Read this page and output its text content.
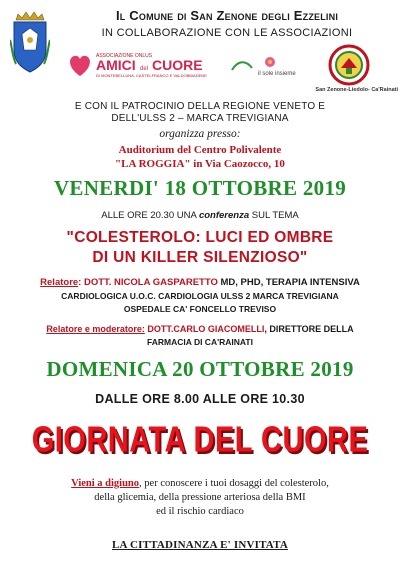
Il Comune di San Zenone degli Ezzelini
IN COLLABORAZIONE CON LE ASSOCIAZIONI
ASSOCIAZIONE ONLUS
AMICI del CUORE
DI MONTEBELLUNA, CASTELFRANCO E VALDOBBIADENE	il sole insieme
San Zenone-Liedolo- Ca'Rainati
E CON IL PATROCINIO DELLA REGIONE VENETO E
DELL'ULSS 2 – MARCA TREVIGIANA
organizza presso:
Auditorium del Centro Polivalente
"LA ROGGIA" in Via Caozocco, 10
VENERDI' 18 OTTOBRE 2019
ALLE ORE 20.30 UNA conferenza SUL TEMA
"COLESTEROLO: LUCI ED OMBRE
DI UN KILLER SILENZIOSO"
Relatore: DOTT. NICOLA GASPARETTO MD, PHD, TERAPIA INTENSIVA
CARDIOLOGICA U.O.C. CARDIOLOGIA ULSS 2 MARCA TREVIGIANA
OSPEDALE CA' FONCELLO TREVISO
Relatore e moderatore: DOTT.CARLO GIACOMELLI, DIRETTORE DELLA
FARMACIA DI CA'RAINATI
DOMENICA 20 OTTOBRE 2019
DALLE ORE 8.00 ALLE ORE 10.30
GIORNATA DEL CUORE
Vieni a digiuno, per conoscere i tuoi dosaggi del colesterolo,
della glicemia, della pressione arteriosa della BMI
ed il rischio cardiaco
LA CITTADINANZA E' INVITATA
